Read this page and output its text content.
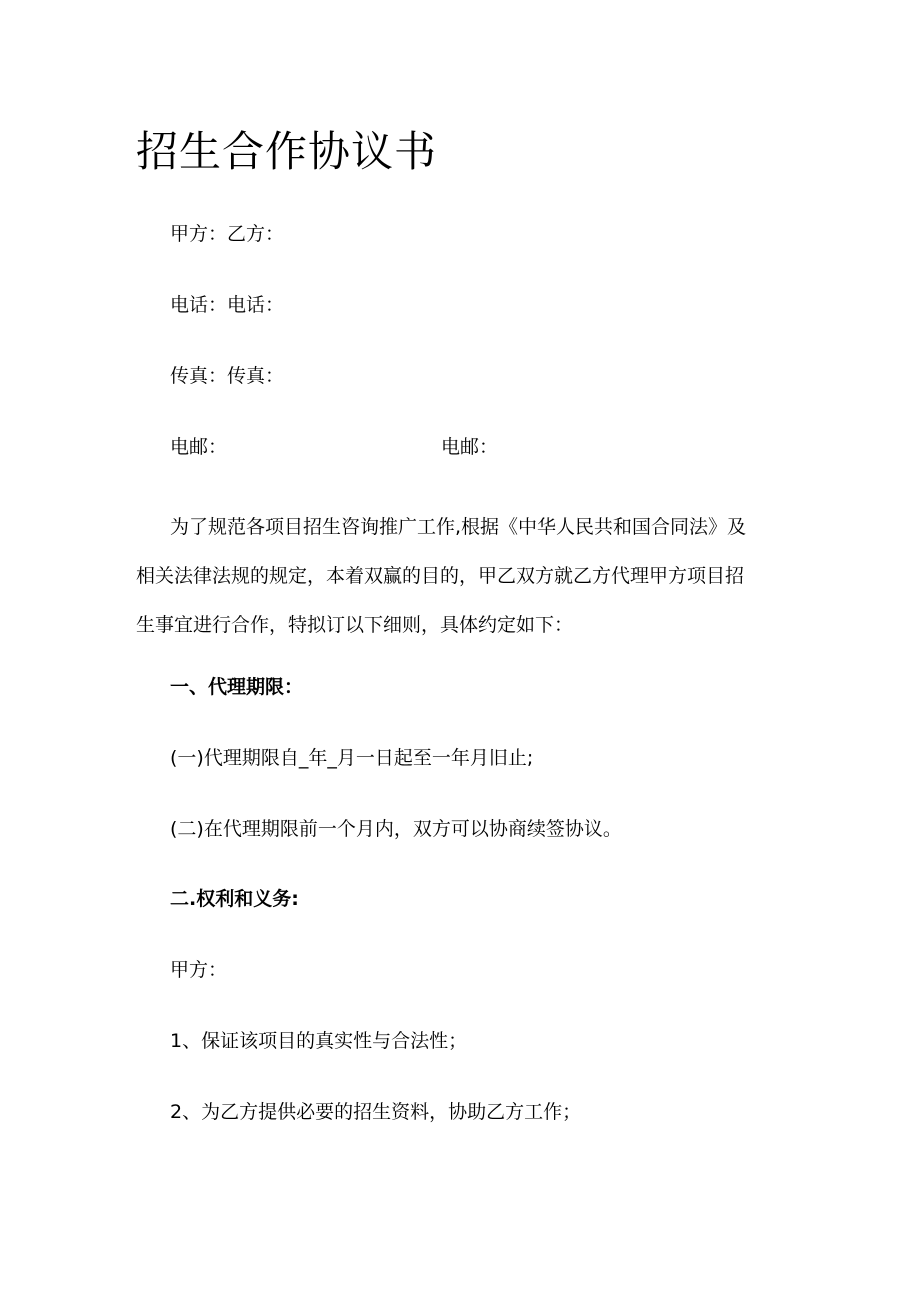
招生合作协议书
甲方：乙方：
电话：电话：
传真：传真：
电邮：	电邮：

为了规范各项目招生咨询推广工作,根据《中华人民共和国合同法》及

相关法律法规的规定，本着双赢的目的，甲乙双方就乙方代理甲方项目招

生事宜进行合作，特拟订以下细则，具体约定如下：

一、代理期限：
(一)代理期限自_年_月一日起至一年月旧止;
(二)在代理期限前一个月内，双方可以协商续签协议。
二.权利和义务:
甲方：
1、保证该项目的真实性与合法性；
2、为乙方提供必要的招生资料，协助乙方工作；
